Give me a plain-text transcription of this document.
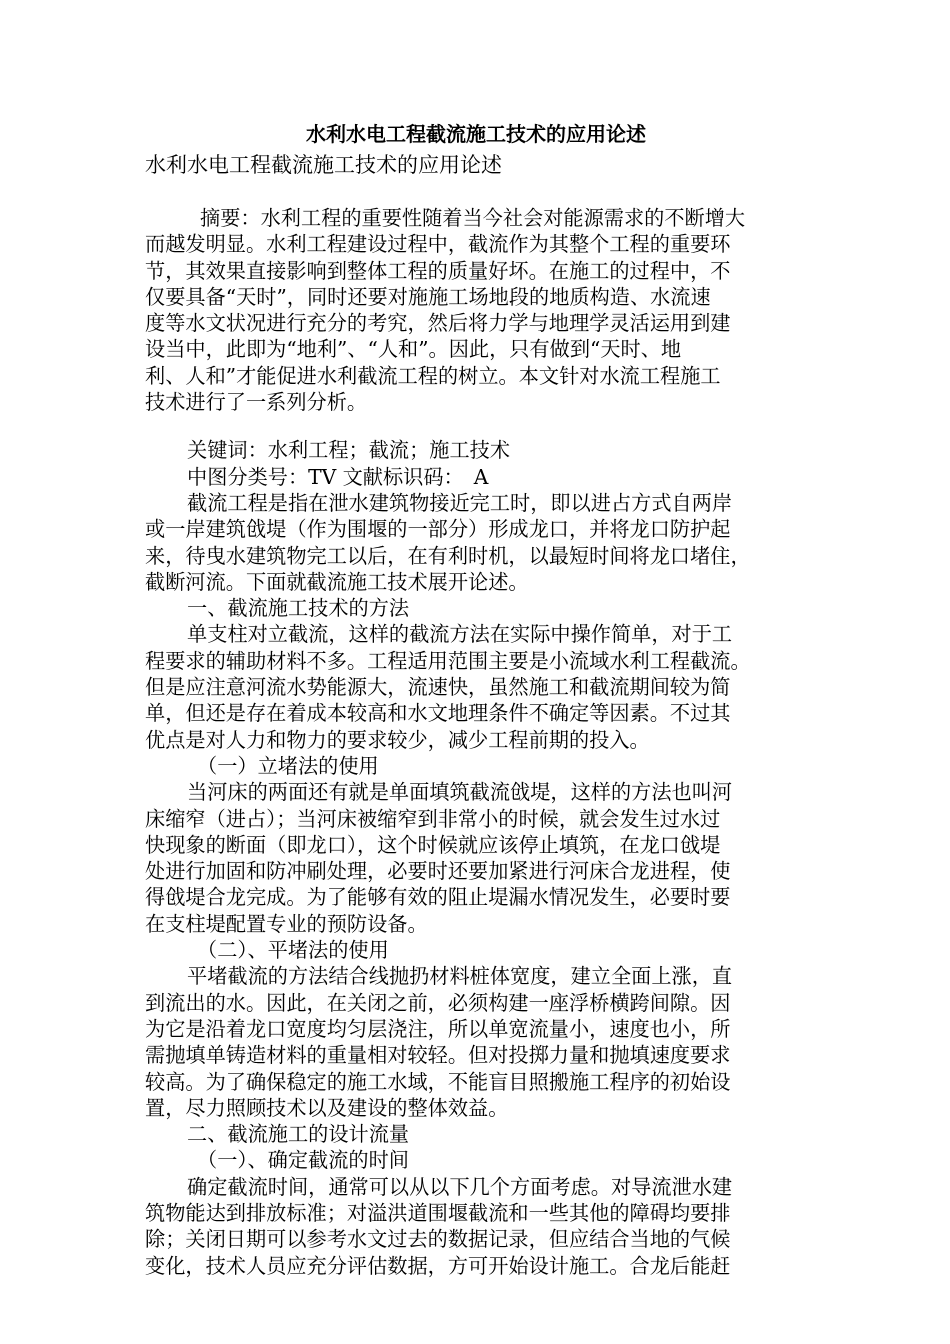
水利水电工程截流施工技术的应用论述
水利水电工程截流施工技术的应用论述
摘要：水利工程的重要性随着当今社会对能源需求的不断增大
而越发明显。水利工程建设过程中，截流作为其整个工程的重要环
节，其效果直接影响到整体工程的质量好坏。在施工的过程中，不
仅要具备“天时”，同时还要对施施工场地段的地质构造、水流速
度等水文状况进行充分的考究，然后将力学与地理学灵活运用到建
设当中，此即为“地利”、“人和”。因此，只有做到“天时、地
利、人和”才能促进水利截流工程的树立。本文针对水流工程施工
技术进行了一系列分析。
关键词：水利工程；截流；施工技术
中图分类号：TV 文献标识码：　A
截流工程是指在泄水建筑物接近完工时，即以进占方式自两岸
或一岸建筑戗堤（作为围堰的一部分）形成龙口，并将龙口防护起
来，待曳水建筑物完工以后，在有利时机，以最短时间将龙口堵住，
截断河流。下面就截流施工技术展开论述。
一、截流施工技术的方法
单支柱对立截流，这样的截流方法在实际中操作简单，对于工
程要求的辅助材料不多。工程适用范围主要是小流域水利工程截流。
但是应注意河流水势能源大，流速快，虽然施工和截流期间较为简
单，但还是存在着成本较高和水文地理条件不确定等因素。不过其
优点是对人力和物力的要求较少，减少工程前期的投入。
（一）立堵法的使用
当河床的两面还有就是单面填筑截流戗堤，这样的方法也叫河
床缩窄（进占）；当河床被缩窄到非常小的时候，就会发生过水过
快现象的断面（即龙口），这个时候就应该停止填筑，在龙口戗堤
处进行加固和防冲刷处理，必要时还要加紧进行河床合龙进程，使
得戗堤合龙完成。为了能够有效的阻止堤漏水情况发生，必要时要
在支柱堤配置专业的预防设备。
（二）、平堵法的使用
平堵截流的方法结合线抛扔材料桩体宽度，建立全面上涨，直
到流出的水。因此，在关闭之前，必须构建一座浮桥横跨间隙。因
为它是沿着龙口宽度均匀层浇注，所以单宽流量小，速度也小，所
需抛填单铸造材料的重量相对较轻。但对投掷力量和抛填速度要求
较高。为了确保稳定的施工水域，不能盲目照搬施工程序的初始设
置，尽力照顾技术以及建设的整体效益。
二、截流施工的设计流量
（一）、确定截流的时间
确定截流时间，通常可以从以下几个方面考虑。对导流泄水建
筑物能达到排放标准；对溢洪道围堰截流和一些其他的障碍均要排
除；关闭日期可以参考水文过去的数据记录，但应结合当地的气候
变化，技术人员应充分评估数据，方可开始设计施工。合龙后能赶
